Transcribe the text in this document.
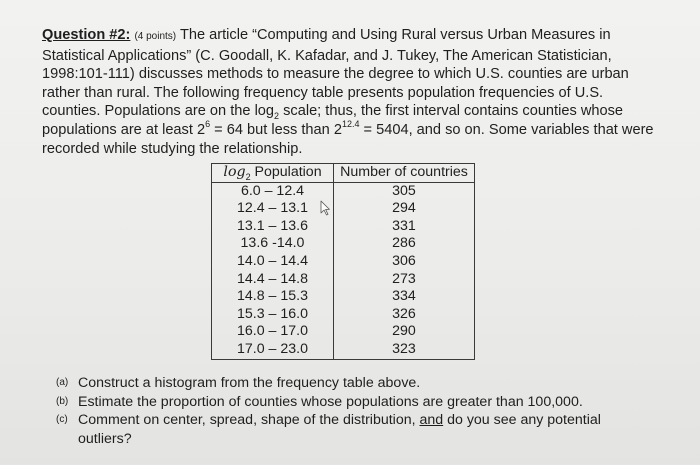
Question #2: (4 points) The article “Computing and Using Rural versus Urban Measures in Statistical Applications” (C. Goodall, K. Kafadar, and J. Tukey, The American Statistician, 1998:101-111) discusses methods to measure the degree to which U.S. counties are urban rather than rural. The following frequency table presents population frequencies of U.S. counties. Populations are on the $\log_2$ scale; thus, the first interval contains counties whose populations are at least $2^6 = 64$ but less than $2^{12.4} = 5404$, and so on. Some variables that were recorded while studying the relationship.
$\log_2$ Population	Number of countries
6.0 – 12.4	305
12.4 – 13.1	294
13.1 – 13.6	331
13.6 -14.0	286
14.0 – 14.4	306
14.4 – 14.8	273
14.8 – 15.3	334
15.3 – 16.0	326
16.0 – 17.0	290
17.0 – 23.0	323
(a) Construct a histogram from the frequency table above.
(b) Estimate the proportion of counties whose populations are greater than 100,000.
(c) Comment on center, spread, shape of the distribution, and do you see any potential outliers?
